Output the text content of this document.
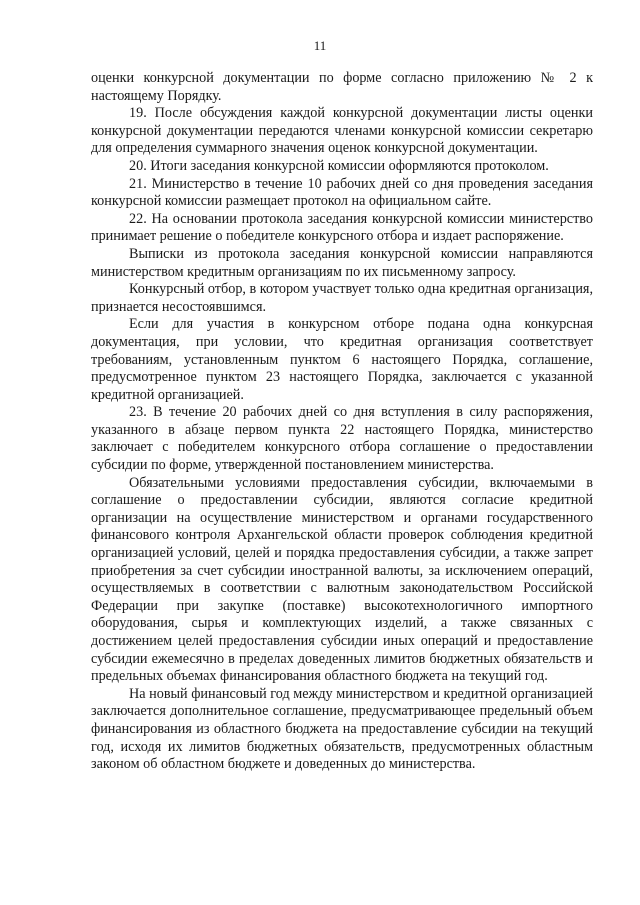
11

оценки конкурсной документации по форме согласно приложению № 2 к настоящему Порядку.

19. После обсуждения каждой конкурсной документации листы оценки конкурсной документации передаются членами конкурсной комиссии секретарю для определения суммарного значения оценок конкурсной документации.

20. Итоги заседания конкурсной комиссии оформляются протоколом.

21. Министерство в течение 10 рабочих дней со дня проведения заседания конкурсной комиссии размещает протокол на официальном сайте.

22. На основании протокола заседания конкурсной комиссии министерство принимает решение о победителе конкурсного отбора и издает распоряжение.

Выписки из протокола заседания конкурсной комиссии направляются министерством кредитным организациям по их письменному запросу.

Конкурсный отбор, в котором участвует только одна кредитная организация, признается несостоявшимся.

Если для участия в конкурсном отборе подана одна конкурсная документация, при условии, что кредитная организация соответствует требованиям, установленным пунктом 6 настоящего Порядка, соглашение, предусмотренное пунктом 23 настоящего Порядка, заключается с указанной кредитной организацией.

23. В течение 20 рабочих дней со дня вступления в силу распоряжения, указанного в абзаце первом пункта 22 настоящего Порядка, министерство заключает с победителем конкурсного отбора соглашение о предоставлении субсидии по форме, утвержденной постановлением министерства.

Обязательными условиями предоставления субсидии, включаемыми в соглашение о предоставлении субсидии, являются согласие кредитной организации на осуществление министерством и органами государственного финансового контроля Архангельской области проверок соблюдения кредитной организацией условий, целей и порядка предоставления субсидии, а также запрет приобретения за счет субсидии иностранной валюты, за исключением операций, осуществляемых в соответствии с валютным законодательством Российской Федерации при закупке (поставке) высокотехнологичного импортного оборудования, сырья и комплектующих изделий, а также связанных с достижением целей предоставления субсидии иных операций и предоставление субсидии ежемесячно в пределах доведенных лимитов бюджетных обязательств и предельных объемах финансирования областного бюджета на текущий год.

На новый финансовый год между министерством и кредитной организацией заключается дополнительное соглашение, предусматривающее предельный объем финансирования из областного бюджета на предоставление субсидии на текущий год, исходя их лимитов бюджетных обязательств, предусмотренных областным законом об областном бюджете и доведенных до министерства.
